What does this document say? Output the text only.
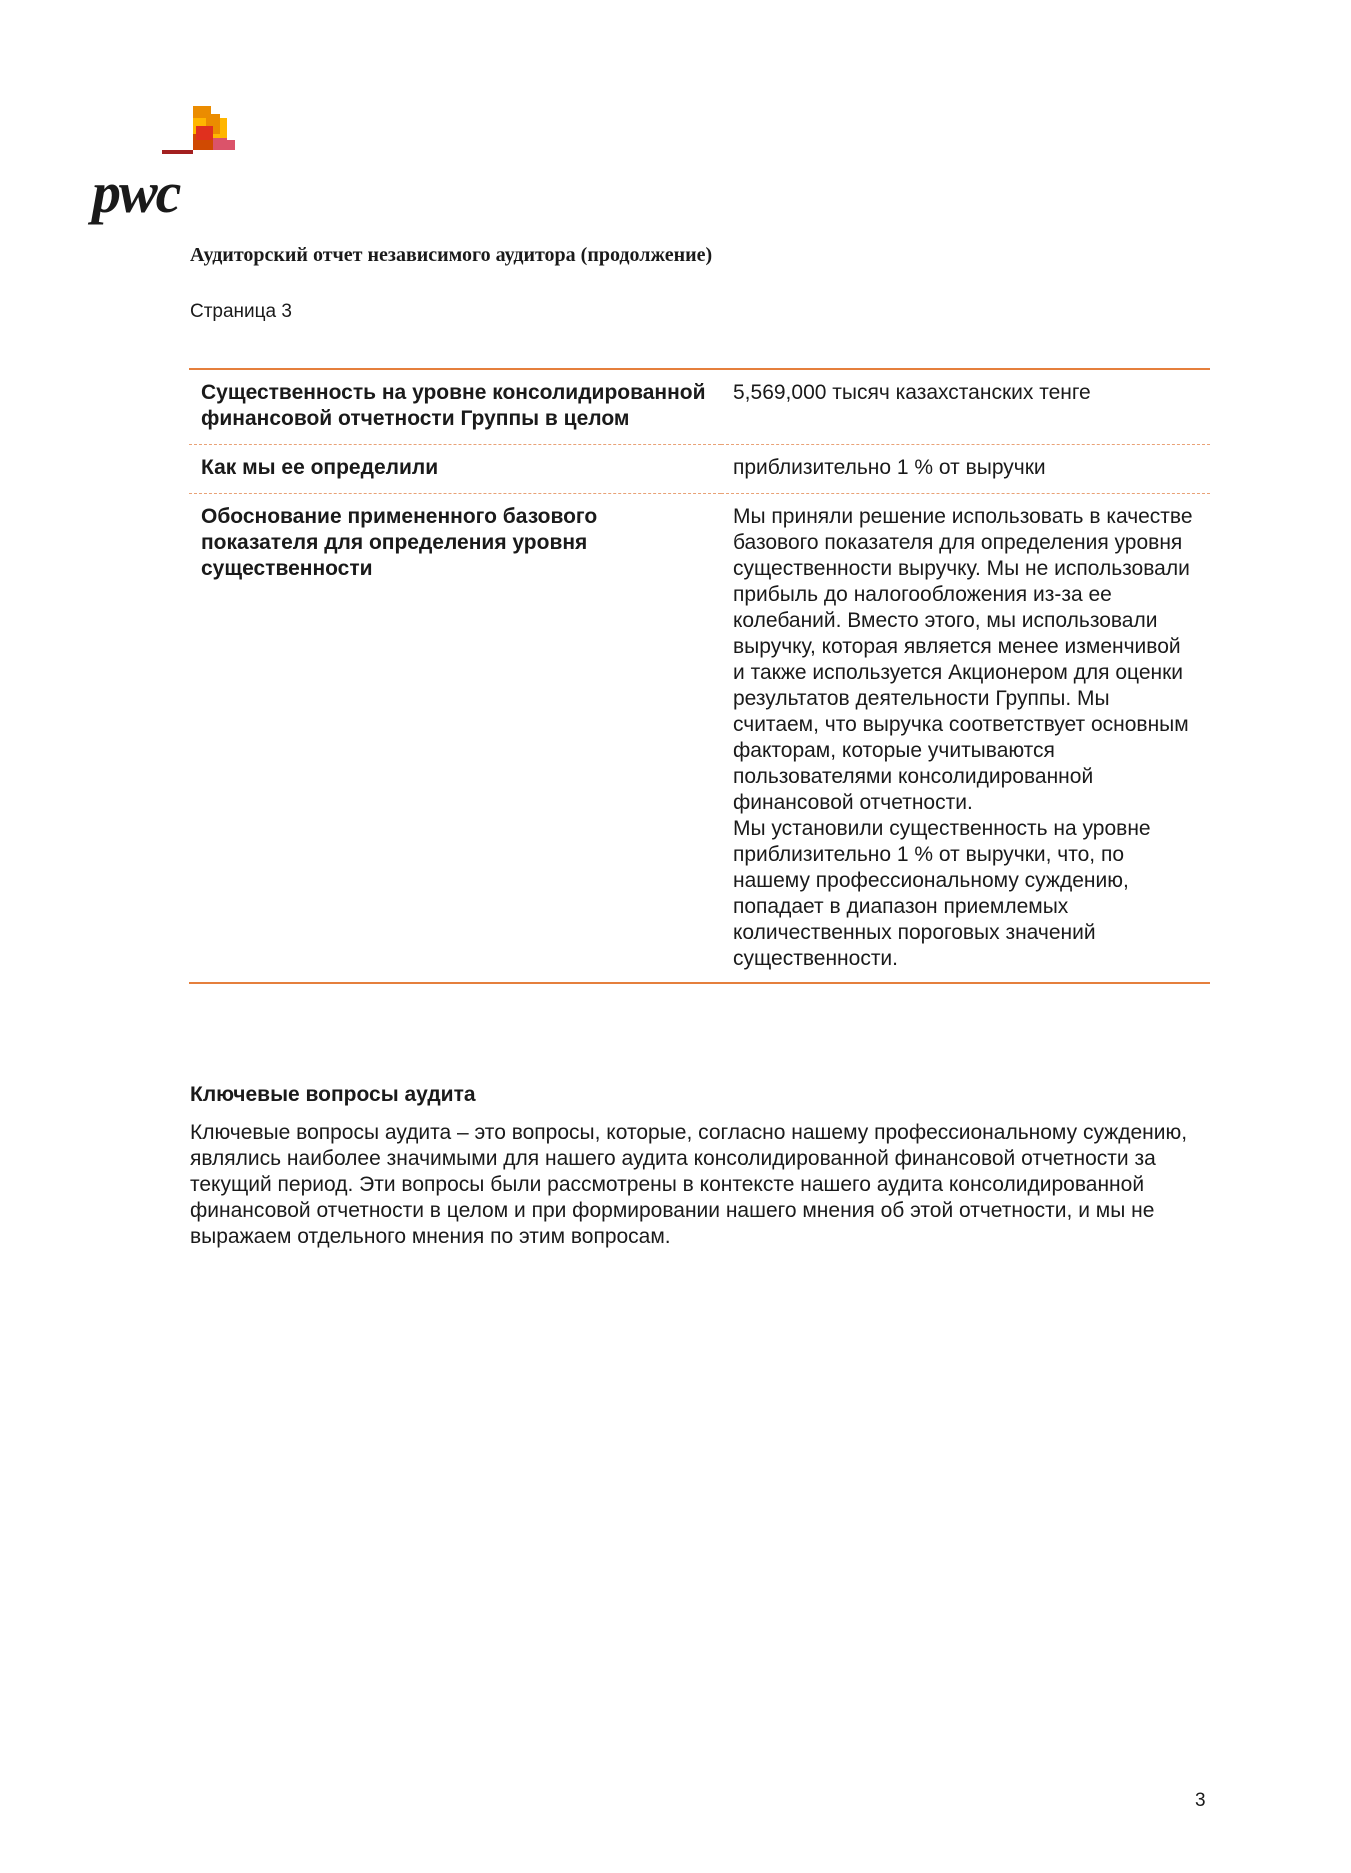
pwc
Аудиторский отчет независимого аудитора (продолжение)

Страница 3

Существенность на уровне консолидированной финансовой отчетности Группы в целом	5,569,000 тысяч казахстанских тенге
Как мы ее определили	приблизительно 1 % от выручки
Обоснование примененного базового показателя для определения уровня существенности	Мы приняли решение использовать в качестве базового показателя для определения уровня существенности выручку. Мы не использовали прибыль до налогообложения из-за ее колебаний. Вместо этого, мы использовали выручку, которая является менее изменчивой и также используется Акционером для оценки результатов деятельности Группы. Мы считаем, что выручка соответствует основным факторам, которые учитываются пользователями консолидированной финансовой отчетности.
Мы установили существенность на уровне приблизительно 1 % от выручки, что, по нашему профессиональному суждению, попадает в диапазон приемлемых количественных пороговых значений существенности.
Ключевые вопросы аудита

Ключевые вопросы аудита – это вопросы, которые, согласно нашему профессиональному суждению, являлись наиболее значимыми для нашего аудита консолидированной финансовой отчетности за текущий период. Эти вопросы были рассмотрены в контексте нашего аудита консолидированной финансовой отчетности в целом и при формировании нашего мнения об этой отчетности, и мы не выражаем отдельного мнения по этим вопросам.

3
